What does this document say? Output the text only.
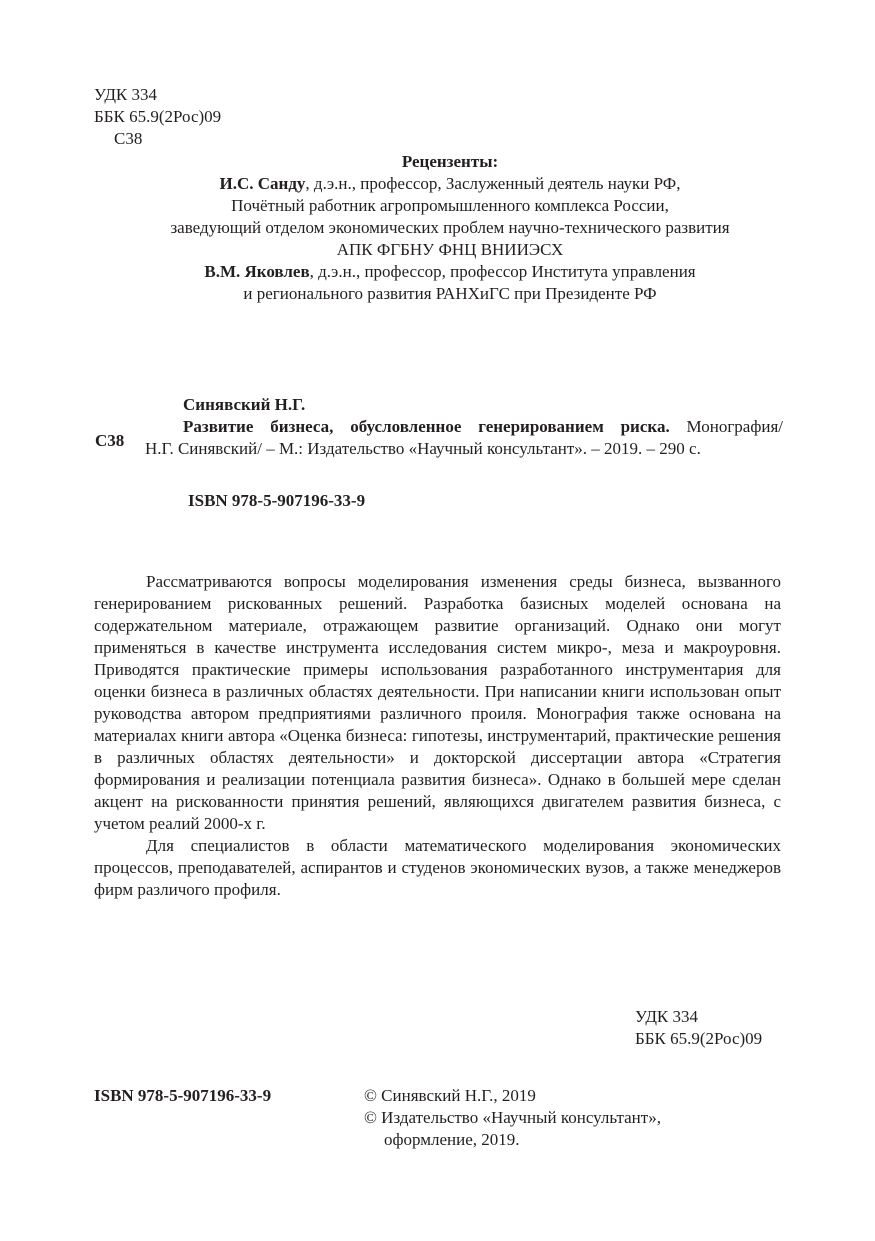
УДК 334
ББК 65.9(2Рос)09
С38
Рецензенты:
И.С. Санду, д.э.н., профессор, Заслуженный деятель науки РФ,
Почётный работник агропромышленного комплекса России,
заведующий отделом экономических проблем научно-технического развития
АПК ФГБНУ ФНЦ ВНИИЭСХ
В.М. Яковлев, д.э.н., профессор, профессор Института управления
и регионального развития РАНХиГС при Президенте РФ
С38
Синявский Н.Г.
Развитие бизнеса, обусловленное генерированием риска. Монография/
Н.Г. Синявский/ – М.: Издательство «Научный консультант». – 2019. – 290 с.
ISBN 978-5-907196-33-9

Рассматриваются вопросы моделирования изменения среды бизнеса, вызванного генерированием рискованных решений. Разработка базисных моделей основана на содержательном материале, отражающем развитие организаций. Однако они могут применяться в качестве инструмента исследования систем микро-, меза и макроуровня. Приводятся практические примеры использования разработанного инструментария для оценки бизнеса в различных областях деятельности. При написании книги использован опыт руководства автором предприятиями различного проиля. Монография также основана на материалах книги автора «Оценка бизнеса: гипотезы, инструментарий, практические решения в различных областях деятельности» и докторской диссертации автора «Стратегия формирования и реализации потенциала развития бизнеса». Однако в большей мере сделан акцент на рискованности принятия решений, являющихся двигателем развития бизнеса, с учетом реалий 2000-х г.

Для специалистов в области математического моделирования экономических процессов, преподавателей, аспирантов и студенов экономических вузов, а также менеджеров фирм различого профиля.

УДК 334
ББК 65.9(2Рос)09
ISBN 978-5-907196-33-9	© Синявский Н.Г., 2019
© Издательство «Научный консультант»,
оформление, 2019.
